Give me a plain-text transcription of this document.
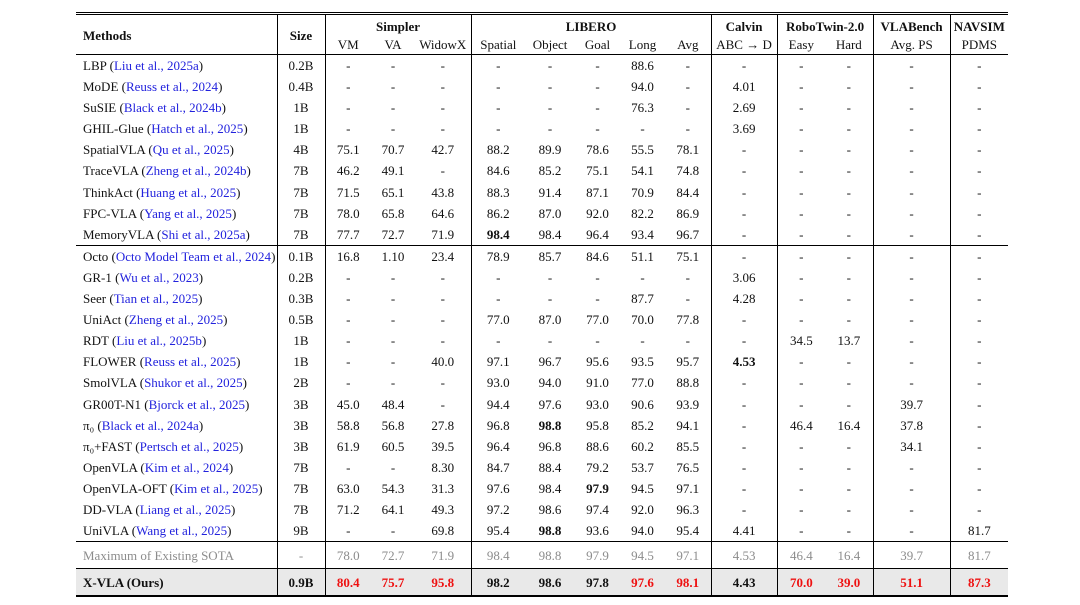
Methods	Size	Simpler			LIBERO					Calvin	RoboTwin-2.0		VLABench	NAVSIM
		VM	VA	WidowX	Spatial	Object	Goal	Long	Avg	ABC → D	Easy	Hard	Avg. PS	PDMS
LBP (Liu et al., 2025a)	0.2B	-	-	-	-	-	-	88.6	-	-	-	-	-	-
MoDE (Reuss et al., 2024)	0.4B	-	-	-	-	-	-	94.0	-	4.01	-	-	-	-
SuSIE (Black et al., 2024b)	1B	-	-	-	-	-	-	76.3	-	2.69	-	-	-	-
GHIL-Glue (Hatch et al., 2025)	1B	-	-	-	-	-	-	-	-	3.69	-	-	-	-
SpatialVLA (Qu et al., 2025)	4B	75.1	70.7	42.7	88.2	89.9	78.6	55.5	78.1	-	-	-	-	-
TraceVLA (Zheng et al., 2024b)	7B	46.2	49.1	-	84.6	85.2	75.1	54.1	74.8	-	-	-	-	-
ThinkAct (Huang et al., 2025)	7B	71.5	65.1	43.8	88.3	91.4	87.1	70.9	84.4	-	-	-	-	-
FPC-VLA (Yang et al., 2025)	7B	78.0	65.8	64.6	86.2	87.0	92.0	82.2	86.9	-	-	-	-	-
MemoryVLA (Shi et al., 2025a)	7B	77.7	72.7	71.9	98.4	98.4	96.4	93.4	96.7	-	-	-	-	-
Octo (Octo Model Team et al., 2024)	0.1B	16.8	1.10	23.4	78.9	85.7	84.6	51.1	75.1	-	-	-	-	-
GR-1 (Wu et al., 2023)	0.2B	-	-	-	-	-	-	-	-	3.06	-	-	-	-
Seer (Tian et al., 2025)	0.3B	-	-	-	-	-	-	87.7	-	4.28	-	-	-	-
UniAct (Zheng et al., 2025)	0.5B	-	-	-	77.0	87.0	77.0	70.0	77.8	-	-	-	-	-
RDT (Liu et al., 2025b)	1B	-	-	-	-	-	-	-	-	-	34.5	13.7	-	-
FLOWER (Reuss et al., 2025)	1B	-	-	40.0	97.1	96.7	95.6	93.5	95.7	4.53	-	-	-	-
SmolVLA (Shukor et al., 2025)	2B	-	-	-	93.0	94.0	91.0	77.0	88.8	-	-	-	-	-
GR00T-N1 (Bjorck et al., 2025)	3B	45.0	48.4	-	94.4	97.6	93.0	90.6	93.9	-	-	-	39.7	-
π₀ (Black et al., 2024a)	3B	58.8	56.8	27.8	96.8	98.8	95.8	85.2	94.1	-	46.4	16.4	37.8	-
π₀+FAST (Pertsch et al., 2025)	3B	61.9	60.5	39.5	96.4	96.8	88.6	60.2	85.5	-	-	-	34.1	-
OpenVLA (Kim et al., 2024)	7B	-	-	8.30	84.7	88.4	79.2	53.7	76.5	-	-	-	-	-
OpenVLA-OFT (Kim et al., 2025)	7B	63.0	54.3	31.3	97.6	98.4	97.9	94.5	97.1	-	-	-	-	-
DD-VLA (Liang et al., 2025)	7B	71.2	64.1	49.3	97.2	98.6	97.4	92.0	96.3	-	-	-	-	-
UniVLA (Wang et al., 2025)	9B	-	-	69.8	95.4	98.8	93.6	94.0	95.4	4.41	-	-	-	81.7
Maximum of Existing SOTA	-	78.0	72.7	71.9	98.4	98.8	97.9	94.5	97.1	4.53	46.4	16.4	39.7	81.7
X-VLA (Ours)	0.9B	80.4	75.7	95.8	98.2	98.6	97.8	97.6	98.1	4.43	70.0	39.0	51.1	87.3
